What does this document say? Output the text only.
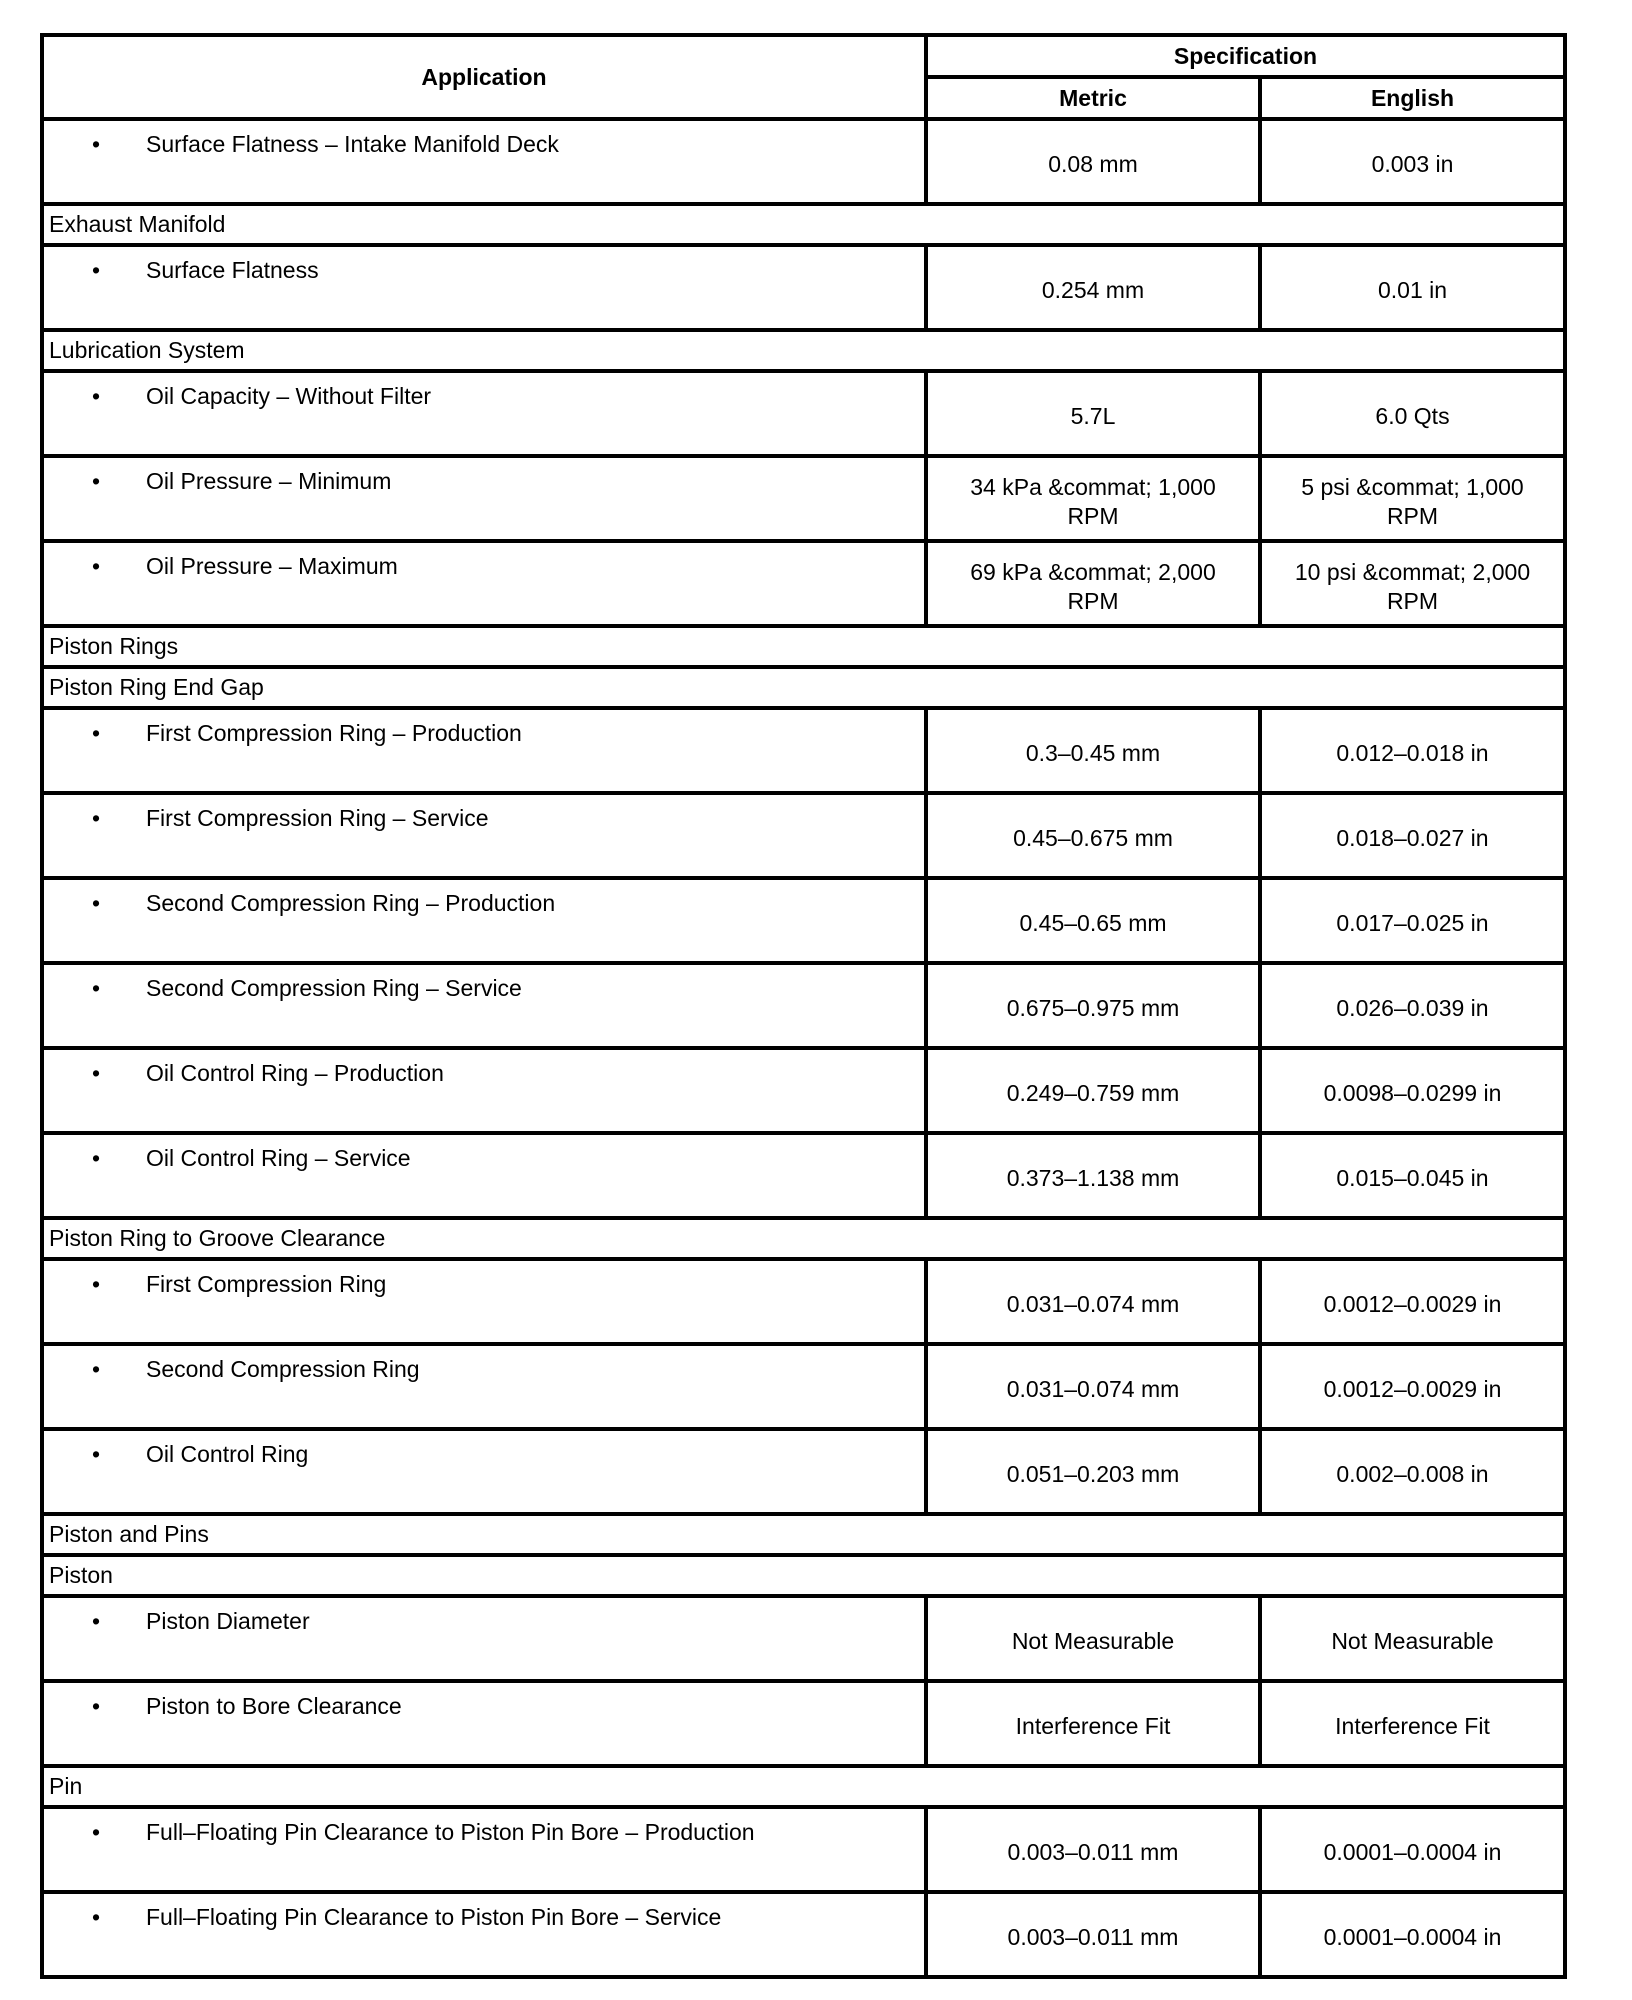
Application	Specification	
	Metric	English
• Surface Flatness – Intake Manifold Deck	0.08 mm	0.003 in
Exhaust Manifold		
• Surface Flatness	0.254 mm	0.01 in
Lubrication System		
• Oil Capacity – Without Filter	5.7L	6.0 Qts
• Oil Pressure – Minimum	34 kPa &commat; 1,000 RPM	5 psi &commat; 1,000 RPM
• Oil Pressure – Maximum	69 kPa &commat; 2,000 RPM	10 psi &commat; 2,000 RPM
Piston Rings		
Piston Ring End Gap		
• First Compression Ring – Production	0.3–0.45 mm	0.012–0.018 in
• First Compression Ring – Service	0.45–0.675 mm	0.018–0.027 in
• Second Compression Ring – Production	0.45–0.65 mm	0.017–0.025 in
• Second Compression Ring – Service	0.675–0.975 mm	0.026–0.039 in
• Oil Control Ring – Production	0.249–0.759 mm	0.0098–0.0299 in
• Oil Control Ring – Service	0.373–1.138 mm	0.015–0.045 in
Piston Ring to Groove Clearance		
• First Compression Ring	0.031–0.074 mm	0.0012–0.0029 in
• Second Compression Ring	0.031–0.074 mm	0.0012–0.0029 in
• Oil Control Ring	0.051–0.203 mm	0.002–0.008 in
Piston and Pins		
Piston		
• Piston Diameter	Not Measurable	Not Measurable
• Piston to Bore Clearance	Interference Fit	Interference Fit
Pin		
• Full–Floating Pin Clearance to Piston Pin Bore – Production	0.003–0.011 mm	0.0001–0.0004 in
• Full–Floating Pin Clearance to Piston Pin Bore – Service	0.003–0.011 mm	0.0001–0.0004 in
